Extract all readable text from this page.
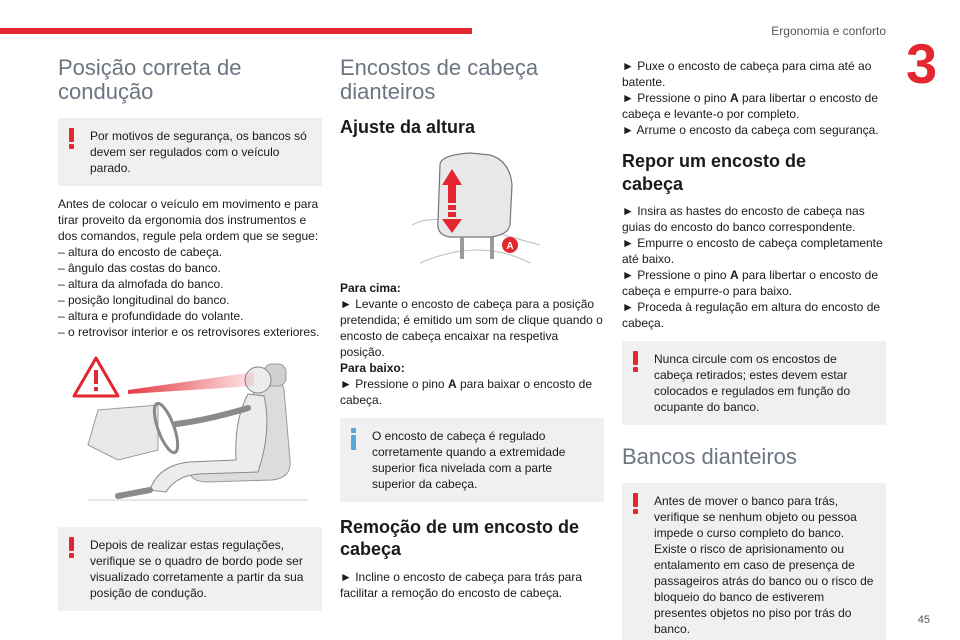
Ergonomia e conforto
3
45
Posição correta de condução
Por motivos de segurança, os bancos só devem ser regulados com o veículo parado.
Antes de colocar o veículo em movimento e para tirar proveito da ergonomia dos instrumentos e dos comandos, regule pela ordem que se segue:
– altura do encosto de cabeça.
– ângulo das costas do banco.
– altura da almofada do banco.
– posição longitudinal do banco.
– altura e profundidade do volante.
– o retrovisor interior e os retrovisores exteriores.
Depois de realizar estas regulações, verifique se o quadro de bordo pode ser visualizado corretamente a partir da sua posição de condução.
Encostos de cabeça dianteiros
Ajuste da altura
A
Para cima:
► Levante o encosto de cabeça para a posição pretendida; é emitido um som de clique quando o encosto de cabeça encaixar na respetiva posição.
Para baixo:
► Pressione o pino A para baixar o encosto de cabeça.
O encosto de cabeça é regulado corretamente quando a extremidade superior fica nivelada com a parte superior da cabeça.
Remoção de um encosto de cabeça
► Incline o encosto de cabeça para trás para facilitar a remoção do encosto de cabeça.
► Puxe o encosto de cabeça para cima até ao batente.
► Pressione o pino A para libertar o encosto de cabeça e levante-o por completo.
► Arrume o encosto da cabeça com segurança.
Repor um encosto de cabeça
► Insira as hastes do encosto de cabeça nas guias do encosto do banco correspondente.
► Empurre o encosto de cabeça completamente até baixo.
► Pressione o pino A para libertar o encosto de cabeça e empurre-o para baixo.
► Proceda à regulação em altura do encosto de cabeça.
Nunca circule com os encostos de cabeça retirados; estes devem estar colocados e regulados em função do ocupante do banco.
Bancos dianteiros
Antes de mover o banco para trás, verifique se nenhum objeto ou pessoa impede o curso completo do banco. Existe o risco de aprisionamento ou entalamento em caso de presença de passageiros atrás do banco ou o risco de bloqueio do banco de estiverem presentes objetos no piso por trás do banco.
